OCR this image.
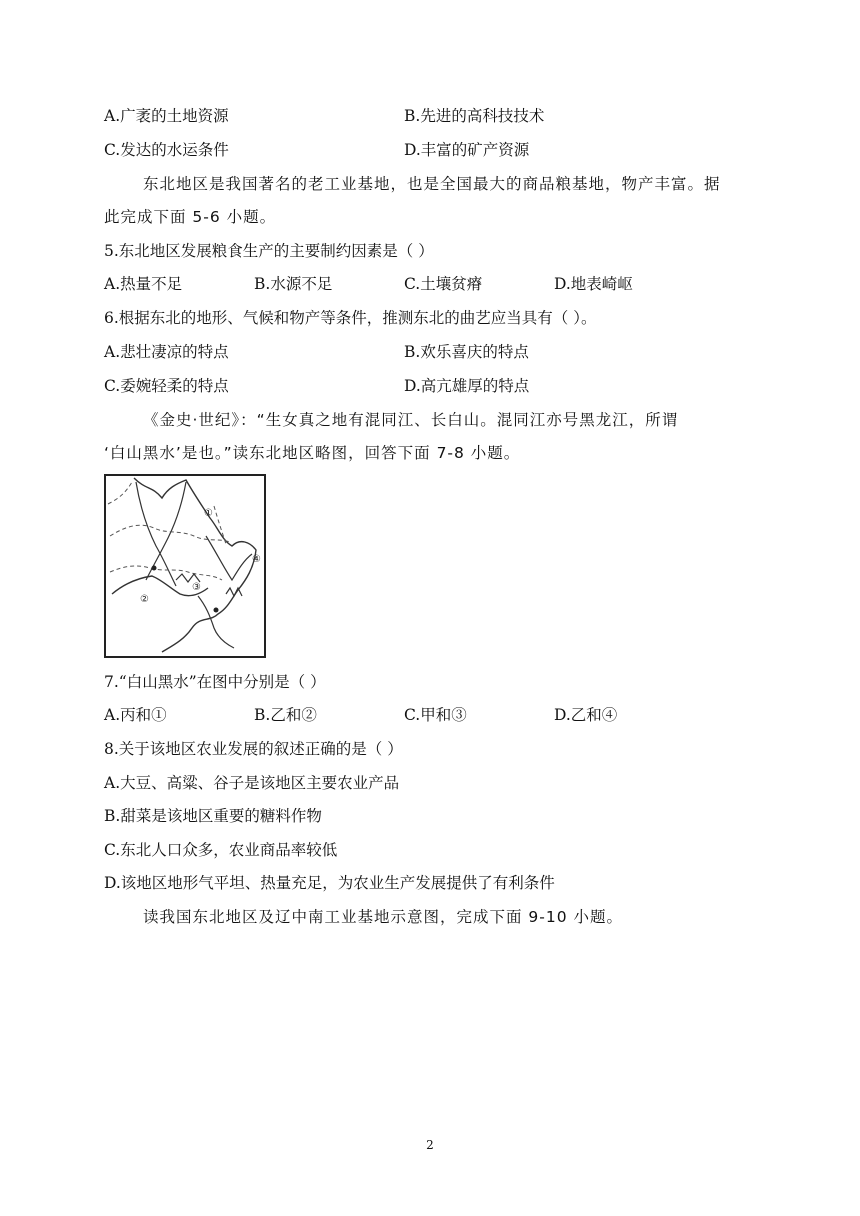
A.广袤的土地资源	B.先进的高科技技术
C.发达的水运条件	D.丰富的矿产资源
东北地区是我国著名的老工业基地，也是全国最大的商品粮基地，物产丰富。据
此完成下面 5-6 小题。
5.东北地区发展粮食生产的主要制约因素是（ ）
A.热量不足	B.水源不足	C.土壤贫瘠	D.地表崎岖
6.根据东北的地形、气候和物产等条件，推测东北的曲艺应当具有（ ）。
A.悲壮凄凉的特点	B.欢乐喜庆的特点
C.委婉轻柔的特点	D.高亢雄厚的特点
《金史·世纪》：“生女真之地有混同江、长白山。混同江亦号黑龙江，所谓
‘白山黑水’是也。”读东北地区略图，回答下面 7-8 小题。
①
②
③
④
7.“白山黑水”在图中分别是（ ）
A.丙和①	B.乙和②	C.甲和③	D.乙和④
8.关于该地区农业发展的叙述正确的是（ ）
A.大豆、高粱、谷子是该地区主要农业产品
B.甜菜是该地区重要的糖料作物
C.东北人口众多，农业商品率较低
D.该地区地形气平坦、热量充足，为农业生产发展提供了有利条件
读我国东北地区及辽中南工业基地示意图，完成下面 9-10 小题。
2
